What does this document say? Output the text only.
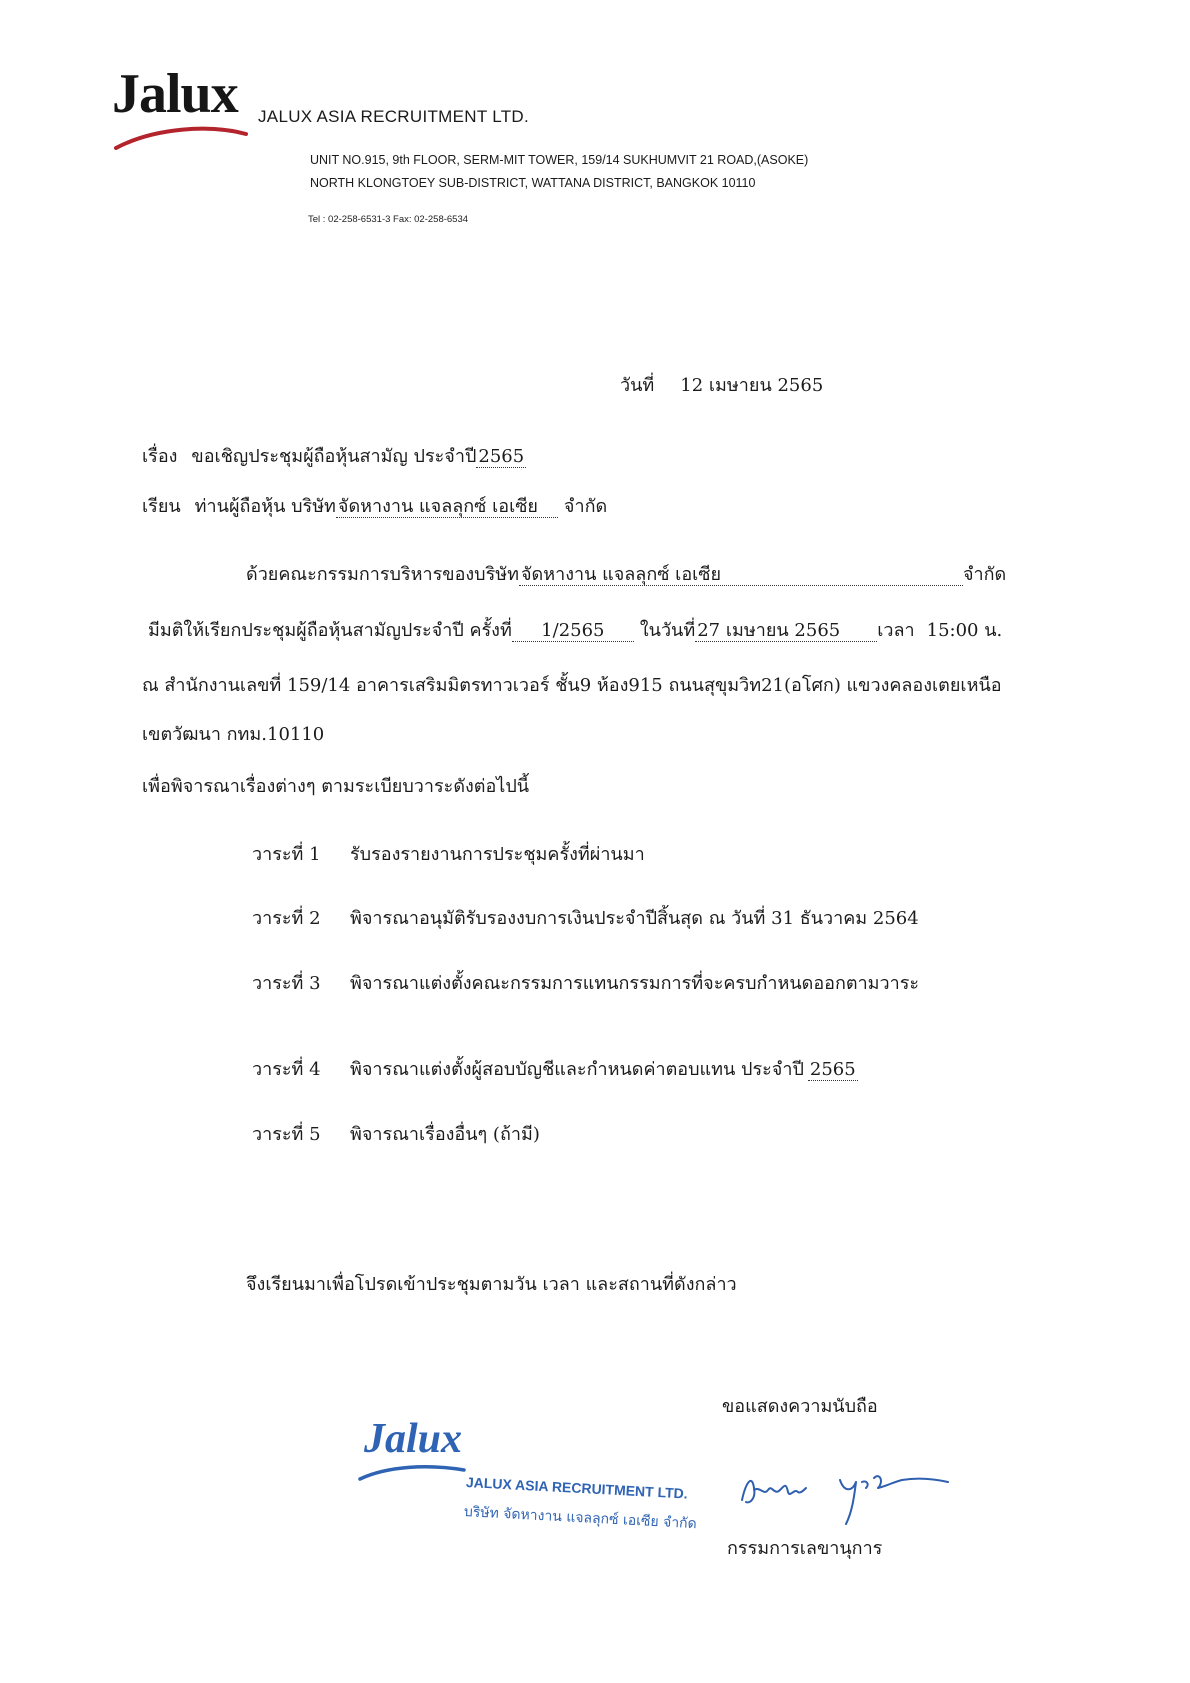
Jalux JALUX ASIA RECRUITMENT LTD.
UNIT NO.915, 9th FLOOR, SERM-MIT TOWER, 159/14 SUKHUMVIT 21 ROAD,(ASOKE)
NORTH KLONGTOEY SUB-DISTRICT, WATTANA DISTRICT, BANGKOK 10110
Tel : 02-258-6531-3 Fax: 02-258-6534
วันที่ 12 เมษายน 2565
เรื่อง ขอเชิญประชุมผู้ถือหุ้นสามัญ ประจำปี 2565
เรียน ท่านผู้ถือหุ้น บริษัท จัดหางาน แจลลุกซ์ เอเซีย จำกัด
ด้วยคณะกรรมการบริหารของบริษัท จัดหางาน แจลลุกซ์ เอเซีย	จำกัด
มีมติให้เรียกประชุมผู้ถือหุ้นสามัญประจำปี ครั้งที่ 1/2565 ในวันที่ 27 เมษายน 2565 เวลา 15:00 น.
ณ สำนักงานเลขที่ 159/14 อาคารเสริมมิตรทาวเวอร์ ชั้น9 ห้อง915 ถนนสุขุมวิท21(อโศก) แขวงคลองเตยเหนือ
เขตวัฒนา กทม.10110
เพื่อพิจารณาเรื่องต่างๆ ตามระเบียบวาระดังต่อไปนี้
วาระที่ 1 รับรองรายงานการประชุมครั้งที่ผ่านมา
วาระที่ 2 พิจารณาอนุมัติรับรองงบการเงินประจำปีสิ้นสุด ณ วันที่ 31 ธันวาคม 2564
วาระที่ 3 พิจารณาแต่งตั้งคณะกรรมการแทนกรรมการที่จะครบกำหนดออกตามวาระ
วาระที่ 4 พิจารณาแต่งตั้งผู้สอบบัญชีและกำหนดค่าตอบแทน ประจำปี 2565
วาระที่ 5 พิจารณาเรื่องอื่นๆ (ถ้ามี)
จึงเรียนมาเพื่อโปรดเข้าประชุมตามวัน เวลา และสถานที่ดังกล่าว
ขอแสดงความนับถือ
Jalux
JALUX ASIA RECRUITMENT LTD.
บริษัท จัดหางาน แจลลุกซ์ เอเซีย จำกัด
กรรมการเลขานุการ
